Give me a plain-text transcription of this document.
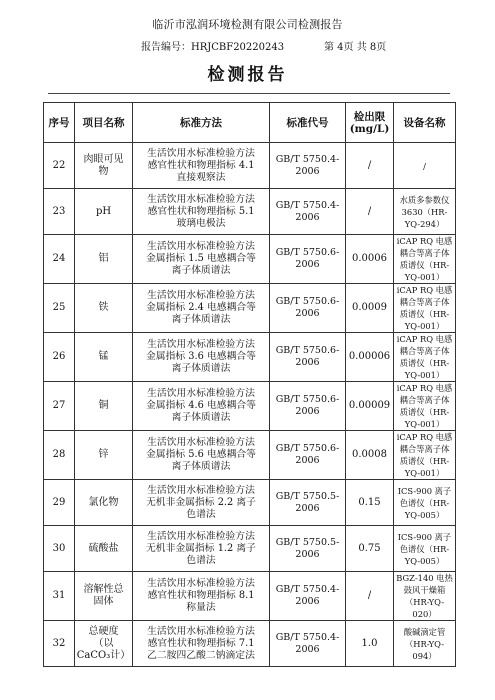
临沂市泓润环境检测有限公司检测报告
报告编号：HRJCBF20220243	第 4页 共 8页
检测报告
序号	项目名称	标准方法	标准代号	检出限
(mg/L)	设备名称
22	肉眼可见
物	生活饮用水标准检验方法
感官性状和物理指标 4.1
直接观察法	GB/T 5750.4-
2006	/	/
23	pH	生活饮用水标准检验方法
感官性状和物理指标 5.1
玻璃电极法	GB/T 5750.4-
2006	/	水质多参数仪
3630（HR-
YQ-294）
24	铝	生活饮用水标准检验方法
金属指标 1.5 电感耦合等
离子体质谱法	GB/T 5750.6-
2006	0.0006	iCAP RQ 电感
耦合等离子体
质谱仪（HR-
YQ-001）
25	铁	生活饮用水标准检验方法
金属指标 2.4 电感耦合等
离子体质谱法	GB/T 5750.6-
2006	0.0009	iCAP RQ 电感
耦合等离子体
质谱仪（HR-
YQ-001）
26	锰	生活饮用水标准检验方法
金属指标 3.6 电感耦合等
离子体质谱法	GB/T 5750.6-
2006	0.00006	iCAP RQ 电感
耦合等离子体
质谱仪（HR-
YQ-001）
27	铜	生活饮用水标准检验方法
金属指标 4.6 电感耦合等
离子体质谱法	GB/T 5750.6-
2006	0.00009	iCAP RQ 电感
耦合等离子体
质谱仪（HR-
YQ-001）
28	锌	生活饮用水标准检验方法
金属指标 5.6 电感耦合等
离子体质谱法	GB/T 5750.6-
2006	0.0008	iCAP RQ 电感
耦合等离子体
质谱仪（HR-
YQ-001）
29	氯化物	生活饮用水标准检验方法
无机非金属指标 2.2 离子
色谱法	GB/T 5750.5-
2006	0.15	ICS-900 离子
色谱仪（HR-
YQ-005）
30	硫酸盐	生活饮用水标准检验方法
无机非金属指标 1.2 离子
色谱法	GB/T 5750.5-
2006	0.75	ICS-900 离子
色谱仪（HR-
YQ-005）
31	溶解性总
固体	生活饮用水标准检验方法
感官性状和物理指标 8.1
称量法	GB/T 5750.4-
2006	/	BGZ-140 电热
鼓风干燥箱
（HR-YQ-
020）
32	总硬度
（以
CaCO₃计）	生活饮用水标准检验方法
感官性状和物理指标 7.1
乙二胺四乙酸二钠滴定法	GB/T 5750.4-
2006	1.0	酸碱滴定管
（HR-YQ-
094）
